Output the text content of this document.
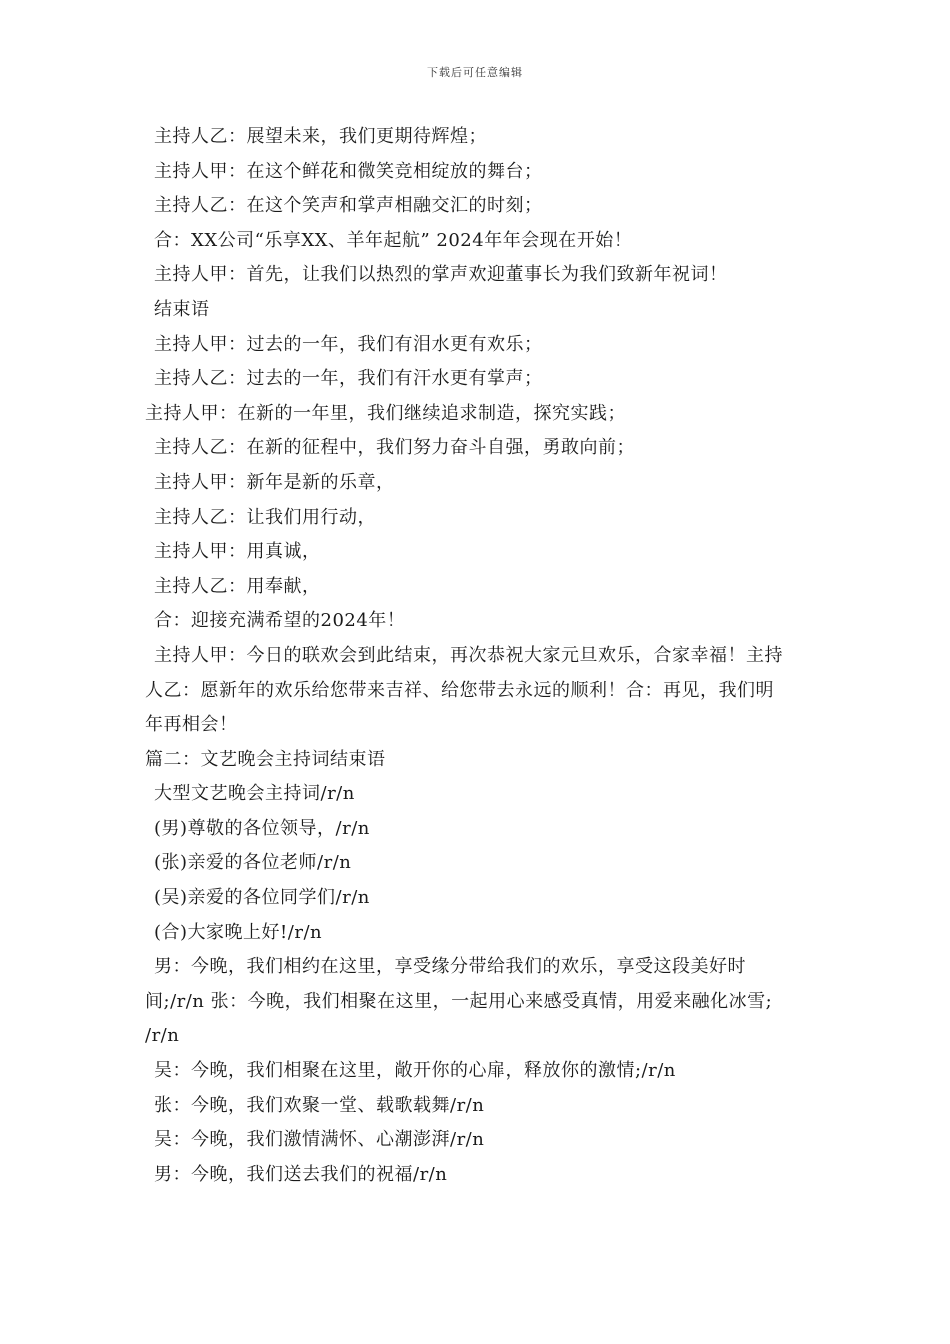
下载后可任意编辑
主持人乙：展望未来，我们更期待辉煌；
主持人甲：在这个鲜花和微笑竞相绽放的舞台；
主持人乙：在这个笑声和掌声相融交汇的时刻；
合：XX公司“乐享XX、羊年起航” 2024年年会现在开始！
主持人甲：首先，让我们以热烈的掌声欢迎董事长为我们致新年祝词！
结束语
主持人甲：过去的一年，我们有泪水更有欢乐；
主持人乙：过去的一年，我们有汗水更有掌声；
主持人甲：在新的一年里，我们继续追求制造，探究实践；
主持人乙：在新的征程中，我们努力奋斗自强，勇敢向前；
主持人甲：新年是新的乐章，
主持人乙：让我们用行动，
主持人甲：用真诚，
主持人乙：用奉献，
合：迎接充满希望的2024年！
主持人甲：今日的联欢会到此结束，再次恭祝大家元旦欢乐，合家幸福！主持
人乙：愿新年的欢乐给您带来吉祥、给您带去永远的顺利！合：再见，我们明
年再相会！
篇二：文艺晚会主持词结束语
大型文艺晚会主持词/r/n
(男)尊敬的各位领导，/r/n
(张)亲爱的各位老师/r/n
(吴)亲爱的各位同学们/r/n
(合)大家晚上好!/r/n
男：今晚，我们相约在这里，享受缘分带给我们的欢乐，享受这段美好时
间;/r/n 张：今晚，我们相聚在这里，一起用心来感受真情，用爱来融化冰雪;
/r/n
吴：今晚，我们相聚在这里，敞开你的心扉，释放你的激情;/r/n
张：今晚，我们欢聚一堂、载歌载舞/r/n
吴：今晚，我们激情满怀、心潮澎湃/r/n
男：今晚，我们送去我们的祝福/r/n
